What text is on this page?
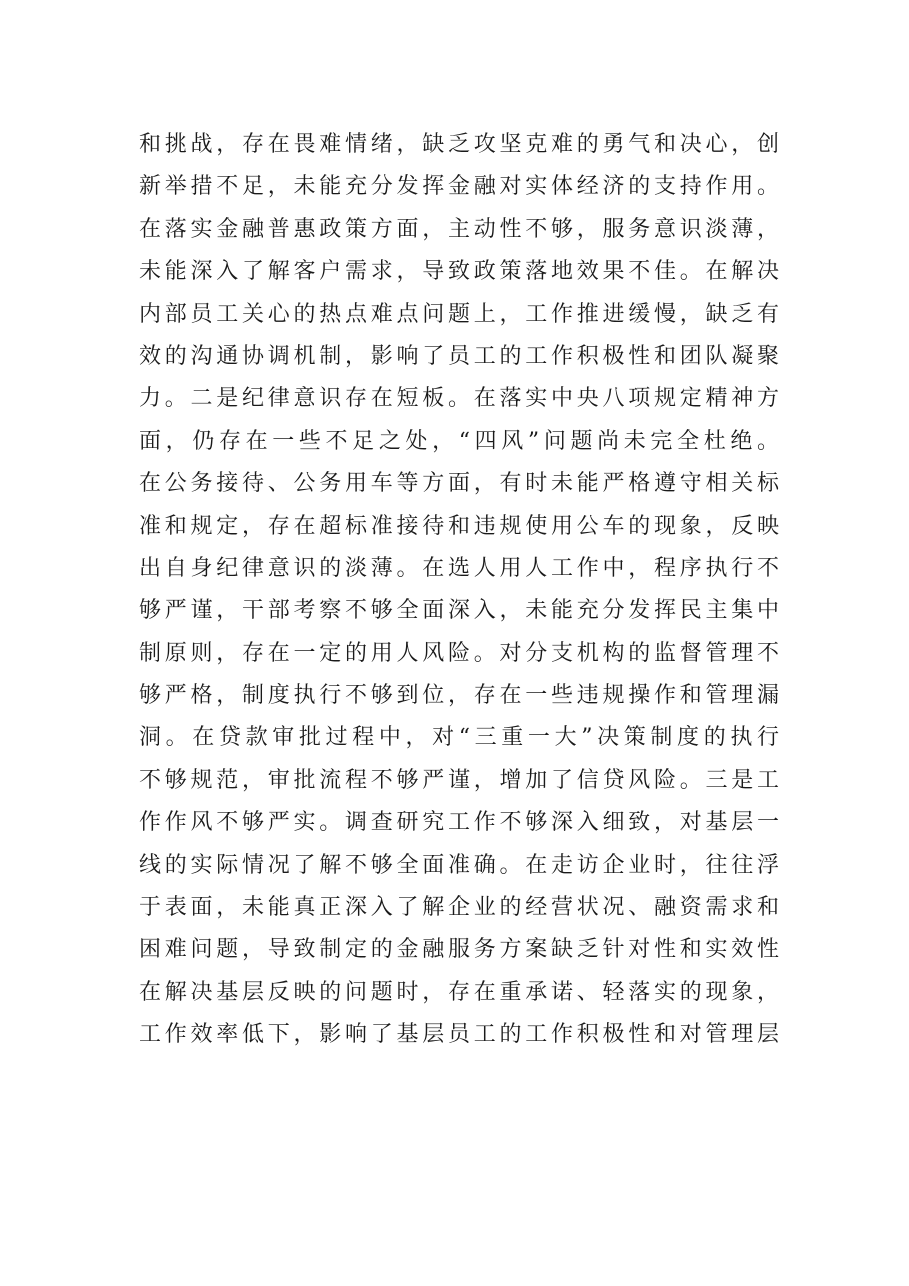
和挑战，存在畏难情绪，缺乏攻坚克难的勇气和决心，创
新举措不足，未能充分发挥金融对实体经济的支持作用。
在落实金融普惠政策方面，主动性不够，服务意识淡薄，
未能深入了解客户需求，导致政策落地效果不佳。在解决
内部员工关心的热点难点问题上，工作推进缓慢，缺乏有
效的沟通协调机制，影响了员工的工作积极性和团队凝聚
力。二是纪律意识存在短板。在落实中央八项规定精神方
面，仍存在一些不足之处，“四风”问题尚未完全杜绝。
在公务接待、公务用车等方面，有时未能严格遵守相关标
准和规定，存在超标准接待和违规使用公车的现象，反映
出自身纪律意识的淡薄。在选人用人工作中，程序执行不
够严谨，干部考察不够全面深入，未能充分发挥民主集中
制原则，存在一定的用人风险。对分支机构的监督管理不
够严格，制度执行不够到位，存在一些违规操作和管理漏
洞。在贷款审批过程中，对“三重一大”决策制度的执行
不够规范，审批流程不够严谨，增加了信贷风险。三是工
作作风不够严实。调查研究工作不够深入细致，对基层一
线的实际情况了解不够全面准确。在走访企业时，往往浮
于表面，未能真正深入了解企业的经营状况、融资需求和
困难问题，导致制定的金融服务方案缺乏针对性和实效性
在解决基层反映的问题时，存在重承诺、轻落实的现象，
工作效率低下，影响了基层员工的工作积极性和对管理层
